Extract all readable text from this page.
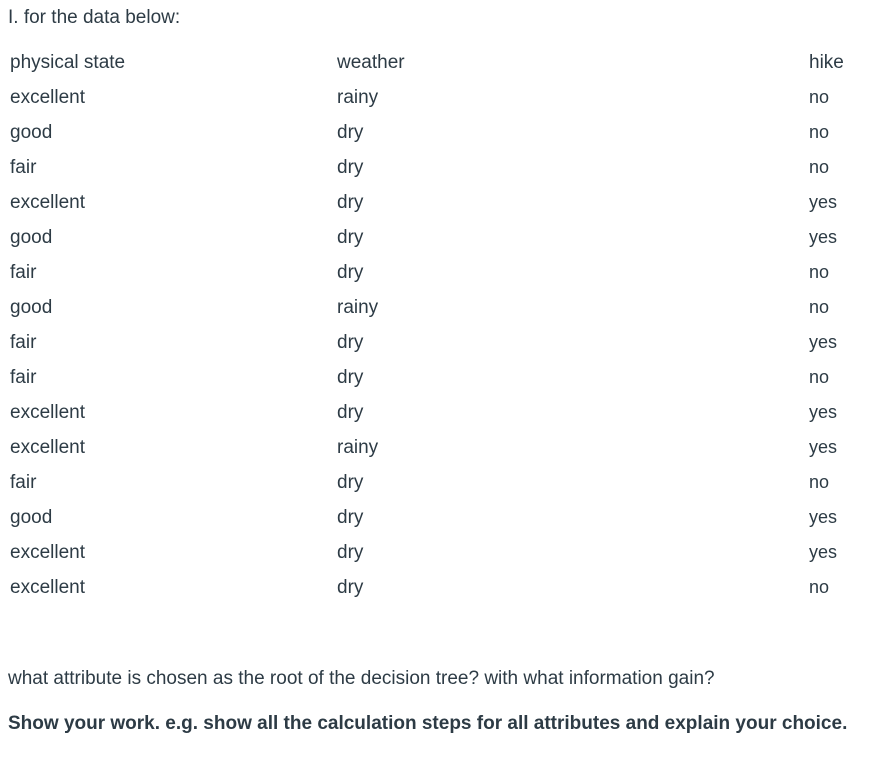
I. for the data below:
physical state	weather	hike
excellent	rainy	no
good	dry	no
fair	dry	no
excellent	dry	yes
good	dry	yes
fair	dry	no
good	rainy	no
fair	dry	yes
fair	dry	no
excellent	dry	yes
excellent	rainy	yes
fair	dry	no
good	dry	yes
excellent	dry	yes
excellent	dry	no
what attribute is chosen as the root of the decision tree? with what information gain?
Show your work. e.g. show all the calculation steps for all attributes and explain your choice.
